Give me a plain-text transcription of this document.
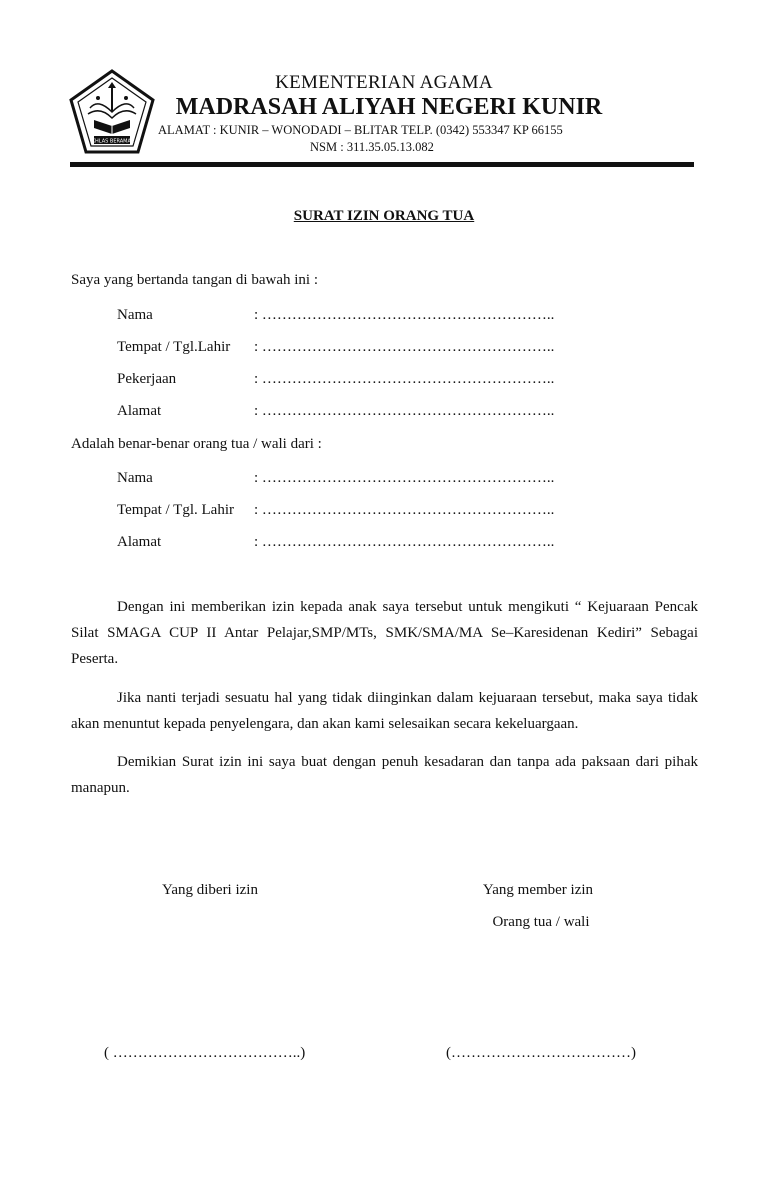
IKHLAS BERAMAL
KEMENTERIAN AGAMA
MADRASAH ALIYAH NEGERI KUNIR
ALAMAT : KUNIR – WONODADI – BLITAR TELP. (0342) 553347 KP 66155
NSM : 311.35.05.13.082
SURAT IZIN ORANG TUA
Saya yang bertanda tangan di bawah ini :
Nama	: …………………………………………………..
Tempat / Tgl.Lahir : …………………………………………………..
Pekerjaan	: …………………………………………………..
Alamat	: …………………………………………………..
Adalah benar-benar orang tua / wali dari :
Nama	: …………………………………………………..
Tempat / Tgl. Lahir : …………………………………………………..
Alamat	: …………………………………………………..
Dengan ini memberikan izin kepada anak saya tersebut untuk mengikuti “ Kejuaraan Pencak Silat SMAGA CUP II Antar Pelajar,SMP/MTs, SMK/SMA/MA Se–Karesidenan Kediri” Sebagai Peserta.
Jika nanti terjadi sesuatu hal yang tidak diinginkan dalam kejuaraan tersebut, maka saya tidak akan menuntut kepada penyelengara, dan akan kami selesaikan secara kekeluargaan.
Demikian Surat izin ini saya buat dengan penuh kesadaran dan tanpa ada paksaan dari pihak manapun.
Yang diberi izin	Yang member izin
Orang tua / wali
( ………………………………..)	(………………………………)
